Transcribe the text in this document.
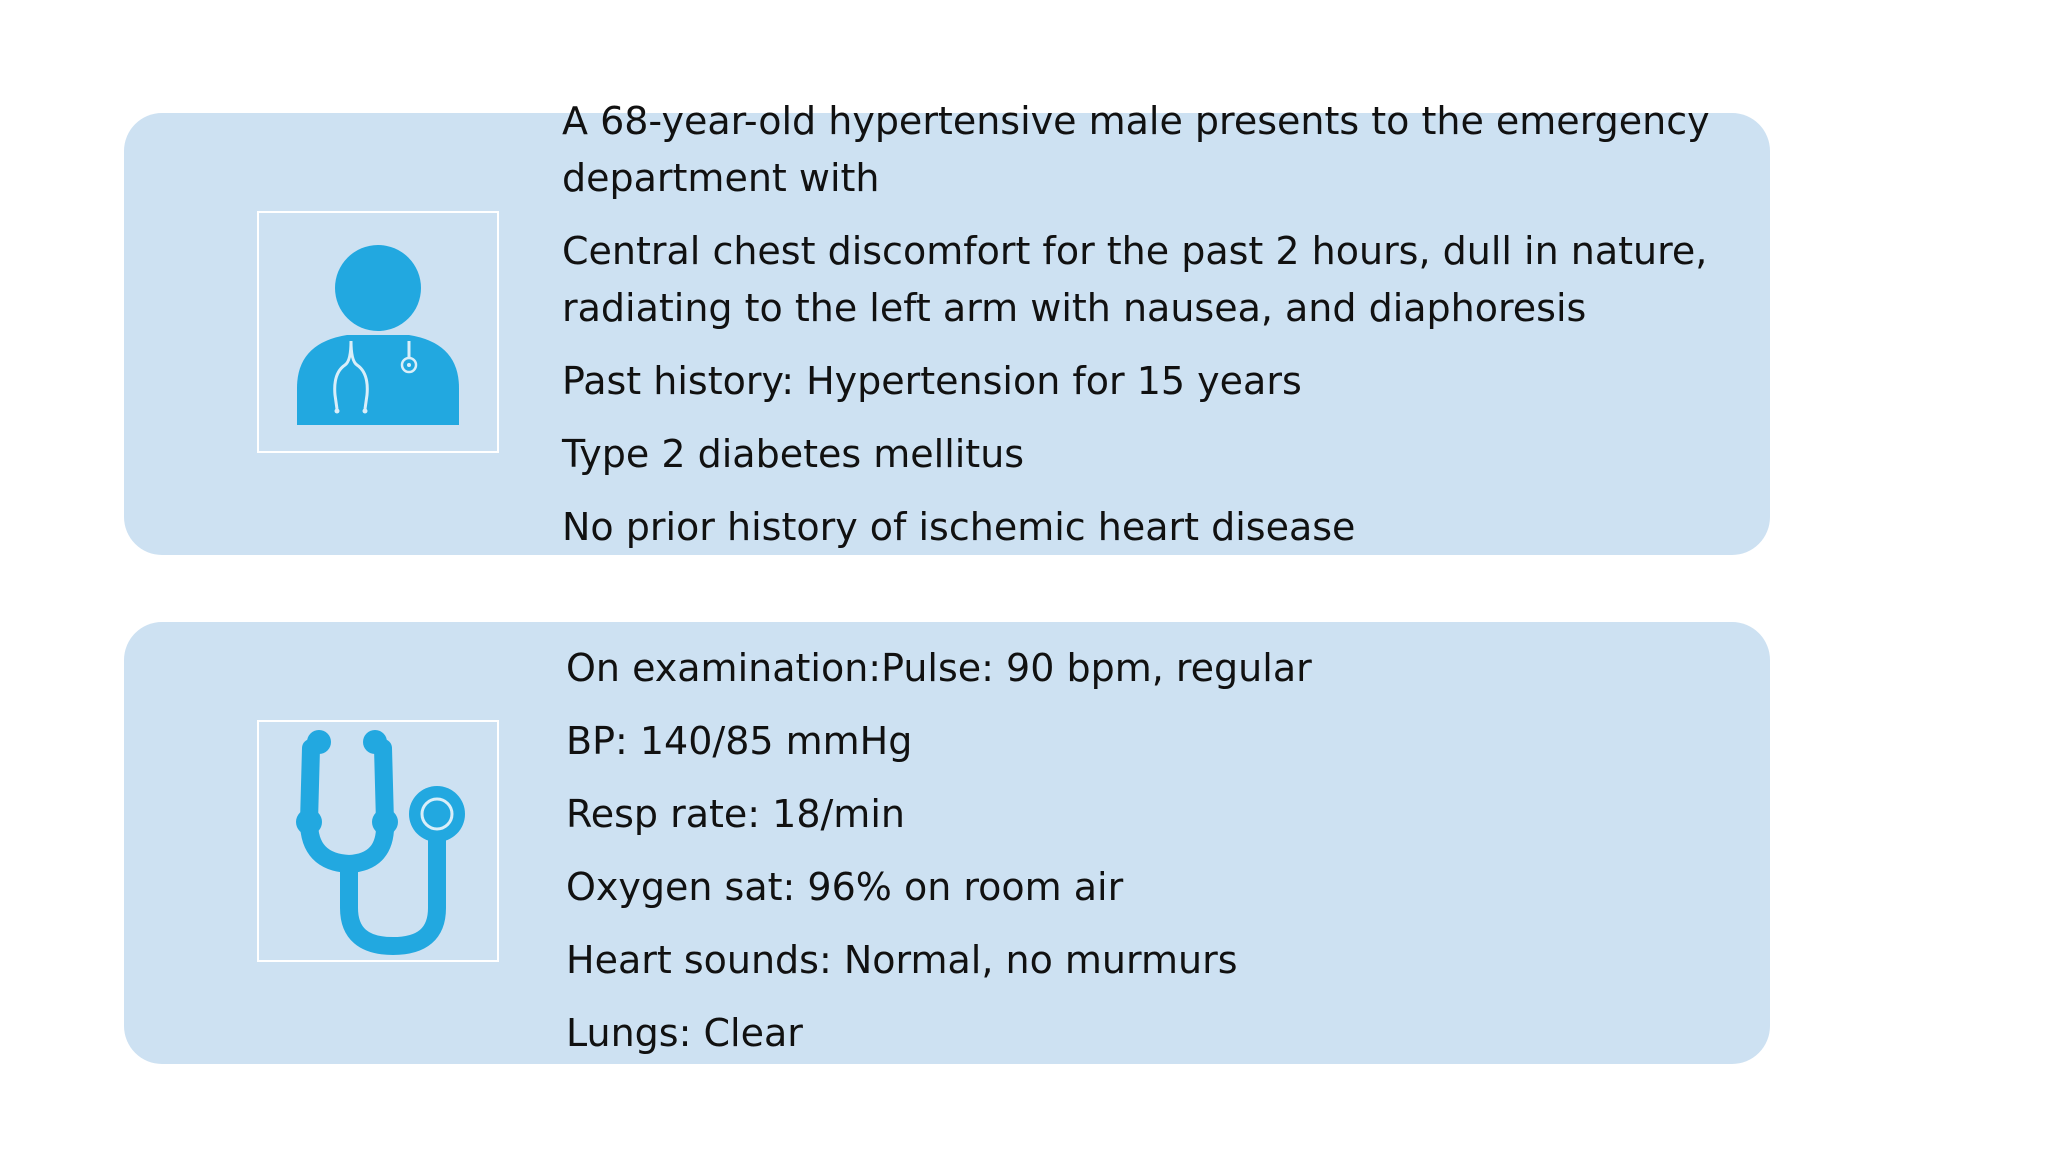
A 68-year-old hypertensive male presents to the emergency department with
Central chest discomfort for the past 2 hours, dull in nature, radiating to the left arm with nausea, and diaphoresis
Past history: Hypertension for 15 years
Type 2 diabetes mellitus
No prior history of ischemic heart disease
On examination:Pulse: 90 bpm, regular
BP: 140/85 mmHg
Resp rate: 18/min
Oxygen sat: 96% on room air
Heart sounds: Normal, no murmurs
Lungs: Clear
